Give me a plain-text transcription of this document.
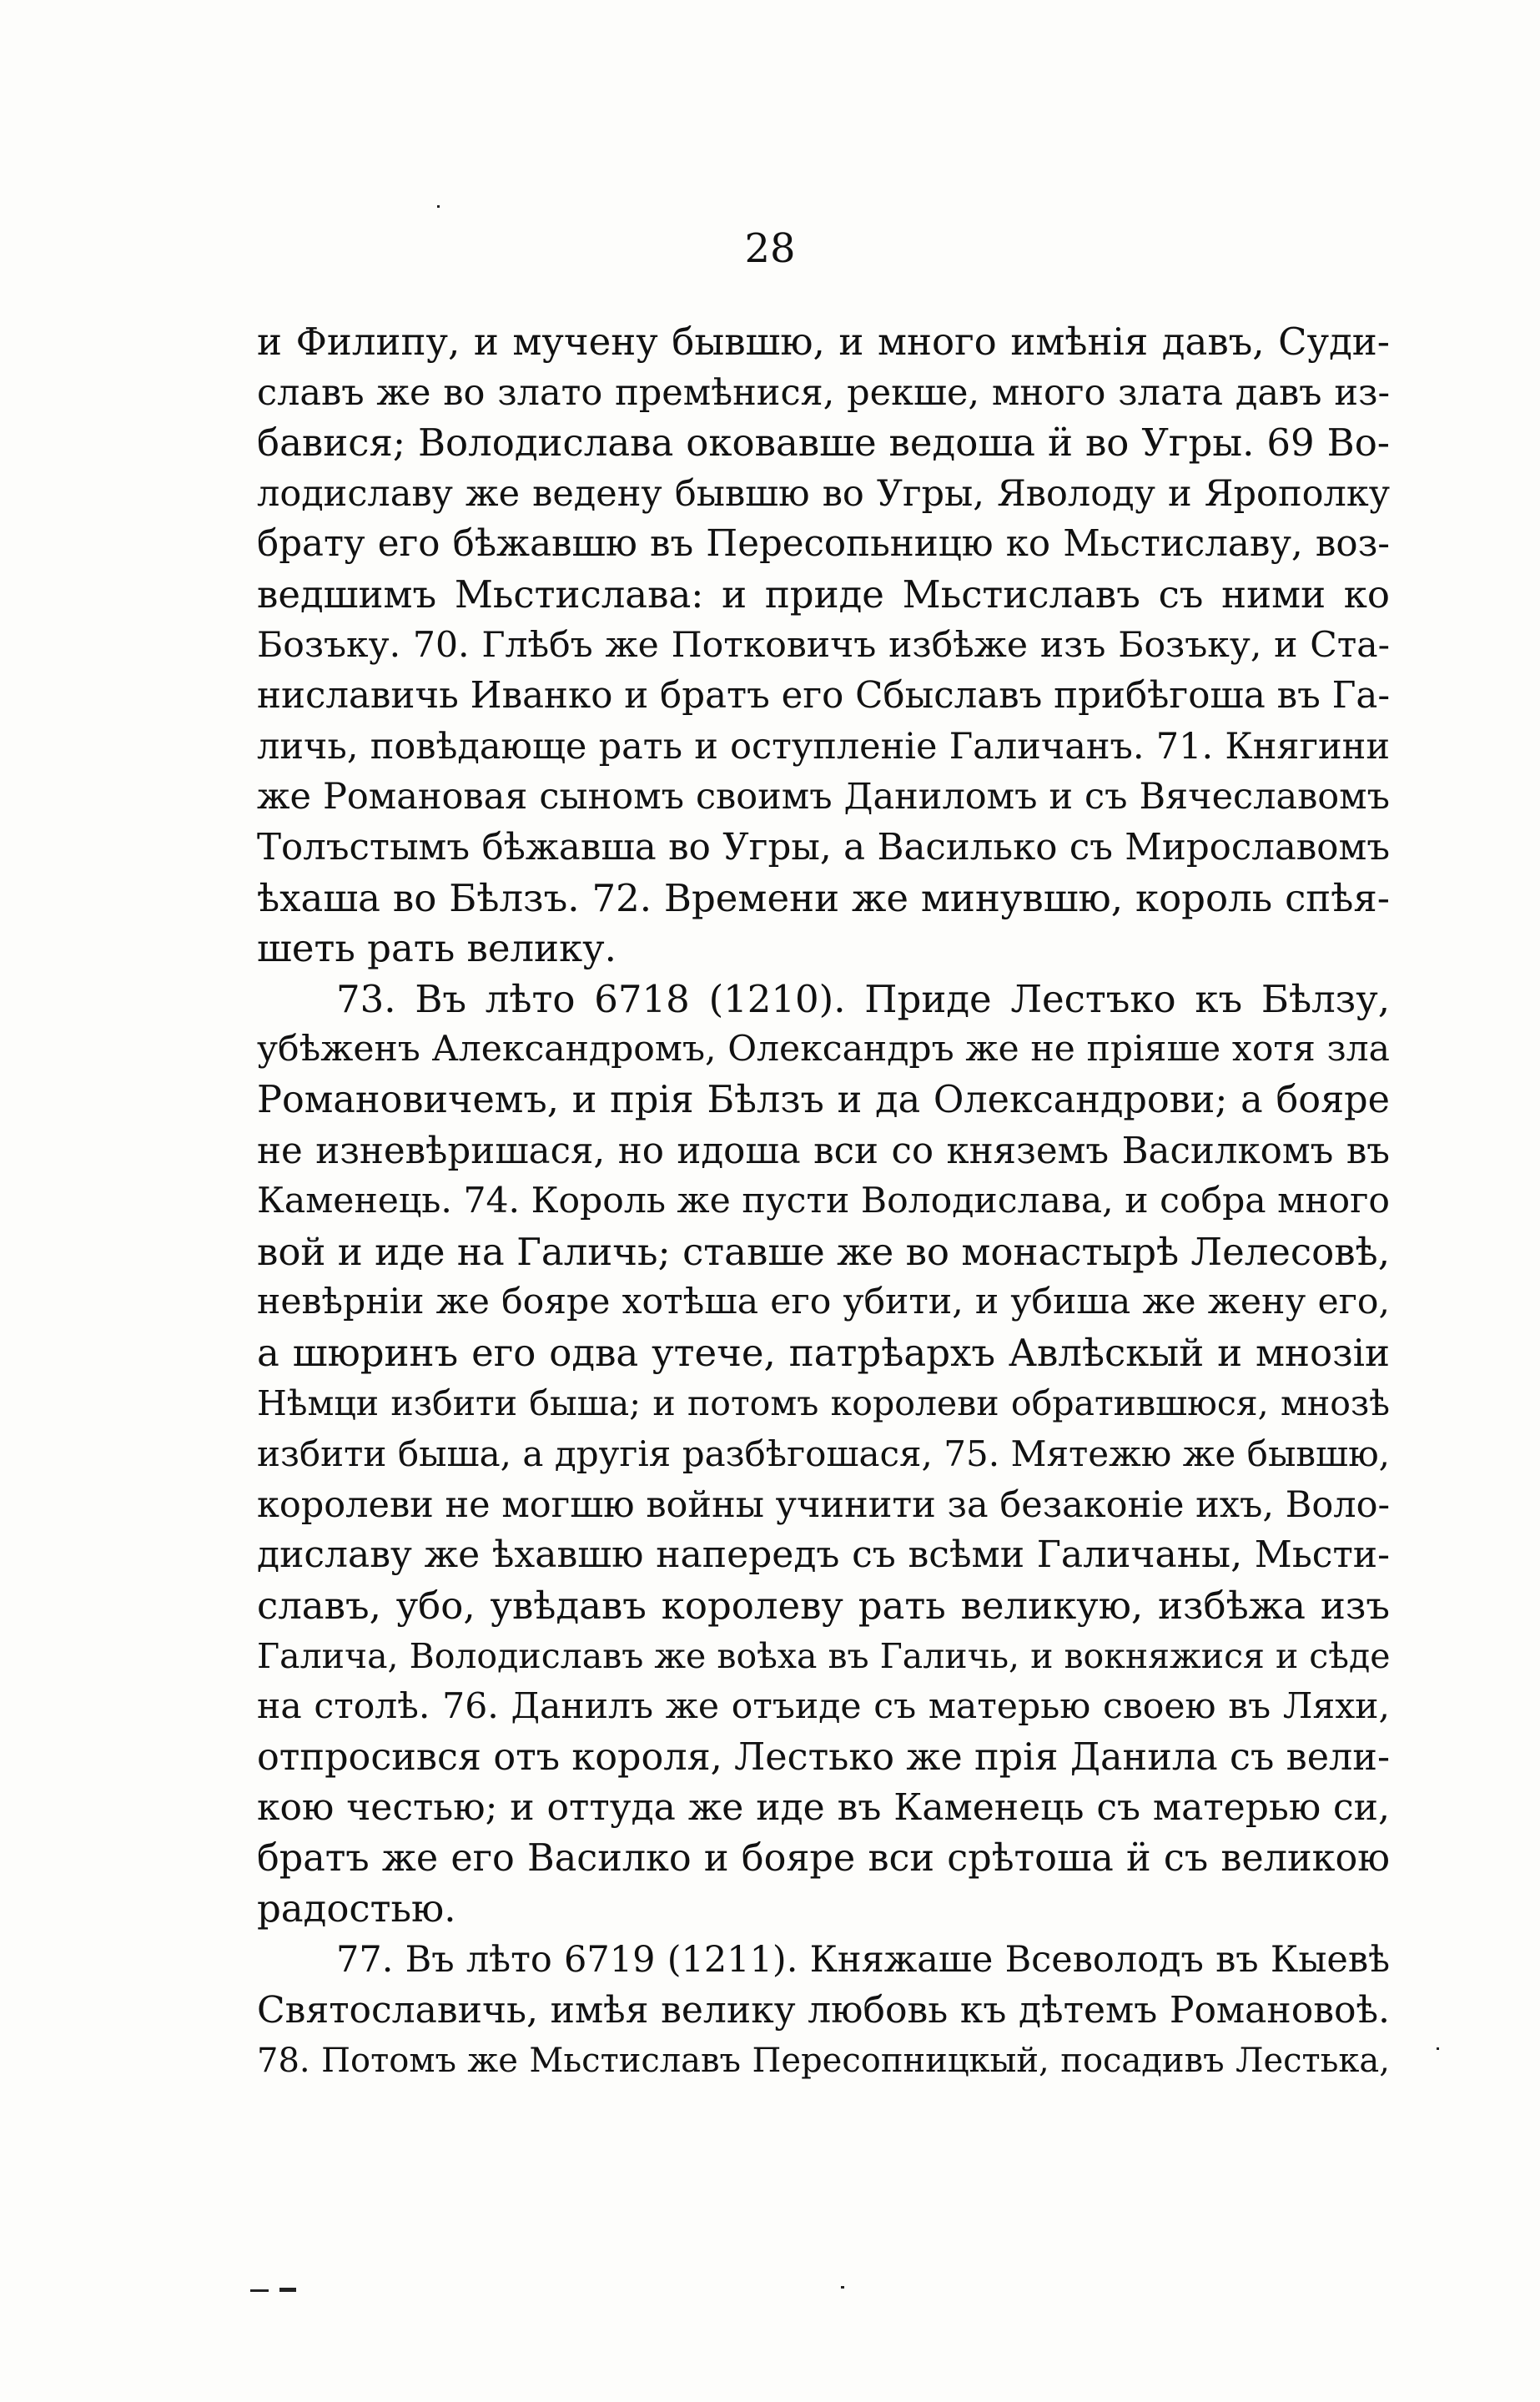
28
и Филипу, и мучену бывшю, и много имѣнія давъ, Суди-
славъ же во злато премѣнися, рекше, много злата давъ из-
бавися; Володислава оковавше ведоша ӥ во Угры. 69 Во-
лодиславу же ведену бывшю во Угры, Яволоду и Ярополку
брату его бѣжавшю въ Пересопьницю ко Мьстиславу, воз-
ведшимъ Мьстислава: и приде Мьстиславъ съ ними ко
Бозъку. 70. Глѣбъ же Потковичъ избѣже изъ Бозъку, и Ста-
ниславичь Иванко и братъ его Сбыславъ прибѣгоша въ Га-
личь, повѣдающе рать и оступленіе Галичанъ. 71. Княгини
же Романовая сыномъ своимъ Даниломъ и съ Вячеславомъ
Толъстымъ бѣжавша во Угры, а Василько съ Мирославомъ
ѣхаша во Бѣлзъ. 72. Времени же минувшю, король спѣя-
шеть рать велику.
73. Въ лѣто 6718 (1210). Приде Лестъко къ Бѣлзу,
убѣженъ Александромъ, Олександръ же не пріяше хотя зла
Романовичемъ, и прія Бѣлзъ и да Олександрови; а бояре
не изневѣришася, но идоша вси со княземъ Василкомъ въ
Каменець. 74. Король же пусти Володислава, и собра много
вой и иде на Галичь; ставше же во монастырѣ Лелесовѣ,
невѣрніи же бояре хотѣша его убити, и убиша же жену его,
а шюринъ его одва утече, патрѣархъ Авлѣскый и мнозіи
Нѣмци избити быша; и потомъ королеви обратившюся, мнозѣ
избити быша, а другія разбѣгошася, 75. Мятежю же бывшю,
королеви не могшю войны учинити за безаконіе ихъ, Воло-
диславу же ѣхавшю напередъ съ всѣми Галичаны, Мьсти-
славъ, убо, увѣдавъ королеву рать великую, избѣжа изъ
Галича, Володиславъ же воѣха въ Галичь, и вокняжися и сѣде
на столѣ. 76. Данилъ же отъиде съ матерью своею въ Ляхи,
отпросився отъ короля, Лестько же прія Данила съ вели-
кою честью; и оттуда же иде въ Каменець съ матерью си,
братъ же его Василко и бояре вси срѣтоша ӥ съ великою
радостью.
77. Въ лѣто 6719 (1211). Княжаше Всеволодъ въ Кыевѣ
Святославичь, имѣя велику любовь къ дѣтемъ Романовоѣ.
78. Потомъ же Мьстиславъ Пересопницкый, посадивъ Лестька,
